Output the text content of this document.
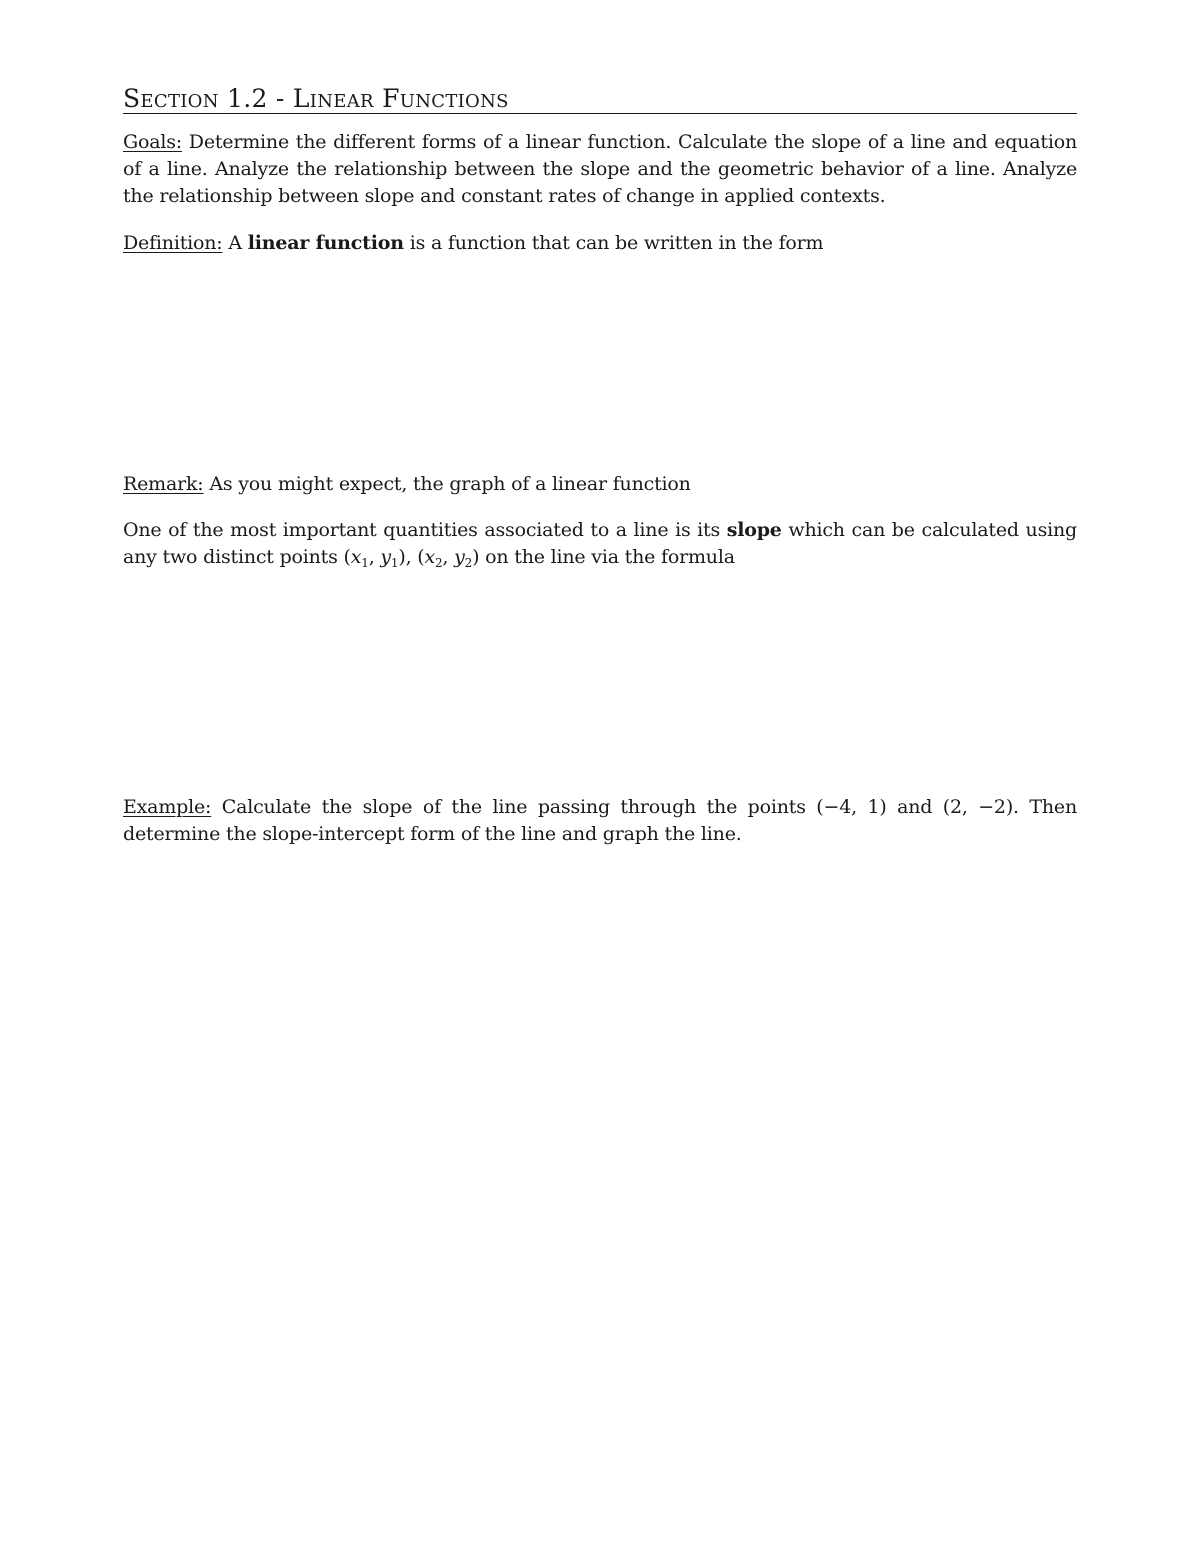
Section 1.2 - Linear Functions
Goals: Determine the different forms of a linear function. Calculate the slope of a line and equation of a line. Analyze the relationship between the slope and the geometric behavior of a line. Analyze the relationship between slope and constant rates of change in applied contexts.
Definition: A linear function is a function that can be written in the form
Remark: As you might expect, the graph of a linear function
One of the most important quantities associated to a line is its slope which can be calculated using any two distinct points ($x_1$, $y_1$), ($x_2$, $y_2$) on the line via the formula
Example: Calculate the slope of the line passing through the points (−4, 1) and (2, −2). Then determine the slope-intercept form of the line and graph the line.
